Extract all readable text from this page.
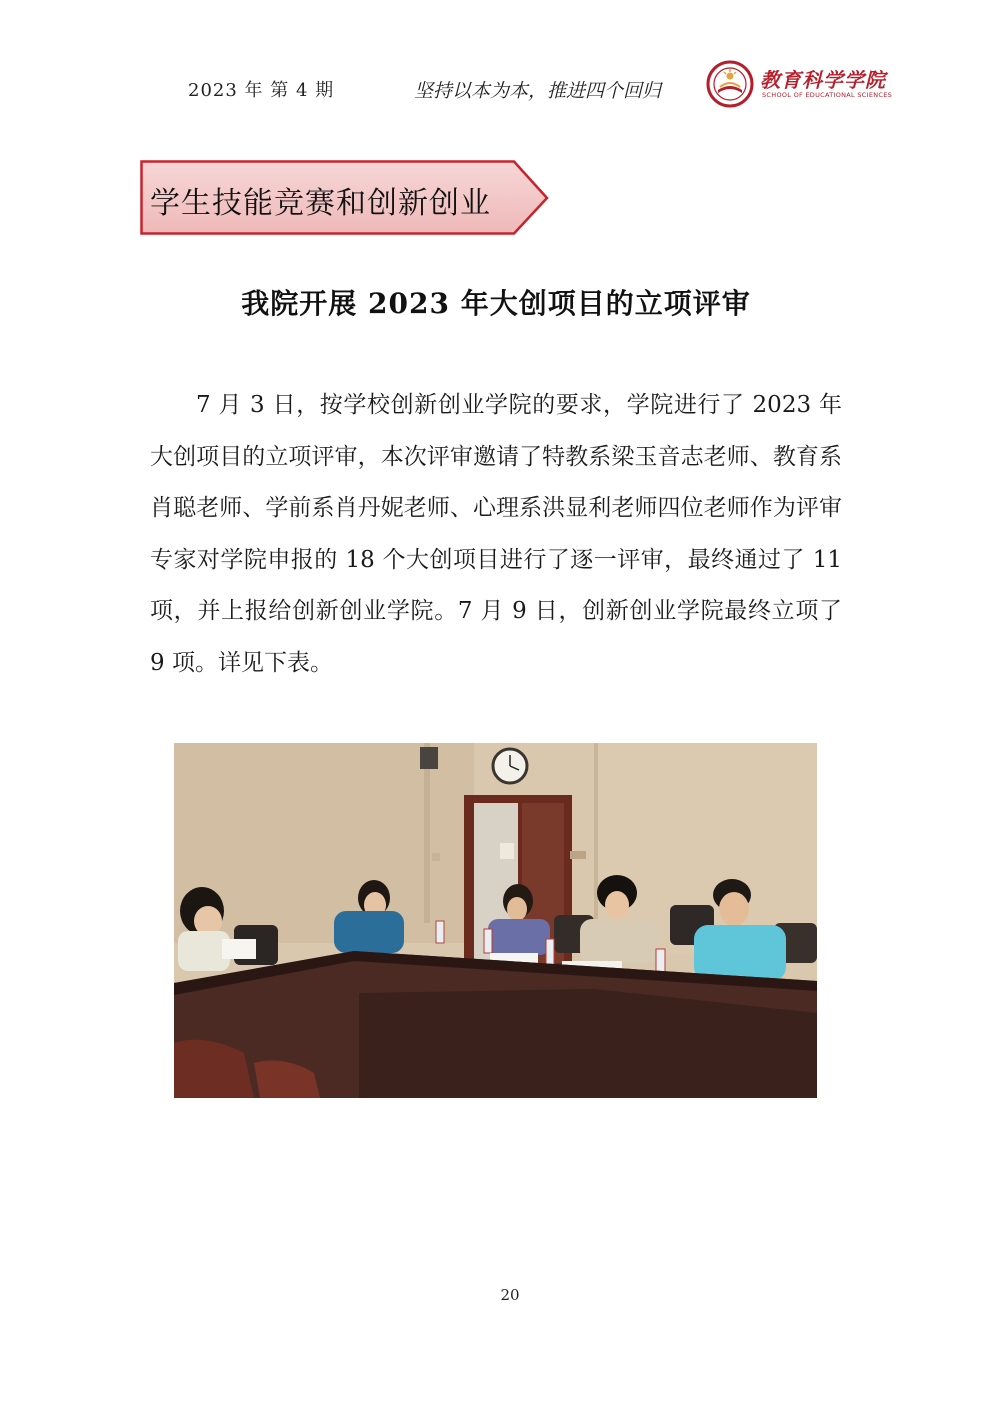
2023 年 第 4 期	坚持以本为本，推进四个回归	教育科学学院
SCHOOL OF EDUCATIONAL SCIENCES
学生技能竞赛和创新创业
我院开展 2023 年大创项目的立项评审

7 月 3 日，按学校创新创业学院的要求，学院进行了 2023 年大创项目的立项评审，本次评审邀请了特教系梁玉音志老师、教育系肖聪老师、学前系肖丹妮老师、心理系洪显利老师四位老师作为评审专家对学院申报的 18 个大创项目进行了逐一评审，最终通过了 11 项，并上报给创新创业学院。7 月 9 日，创新创业学院最终立项了 9 项。详见下表。

20
